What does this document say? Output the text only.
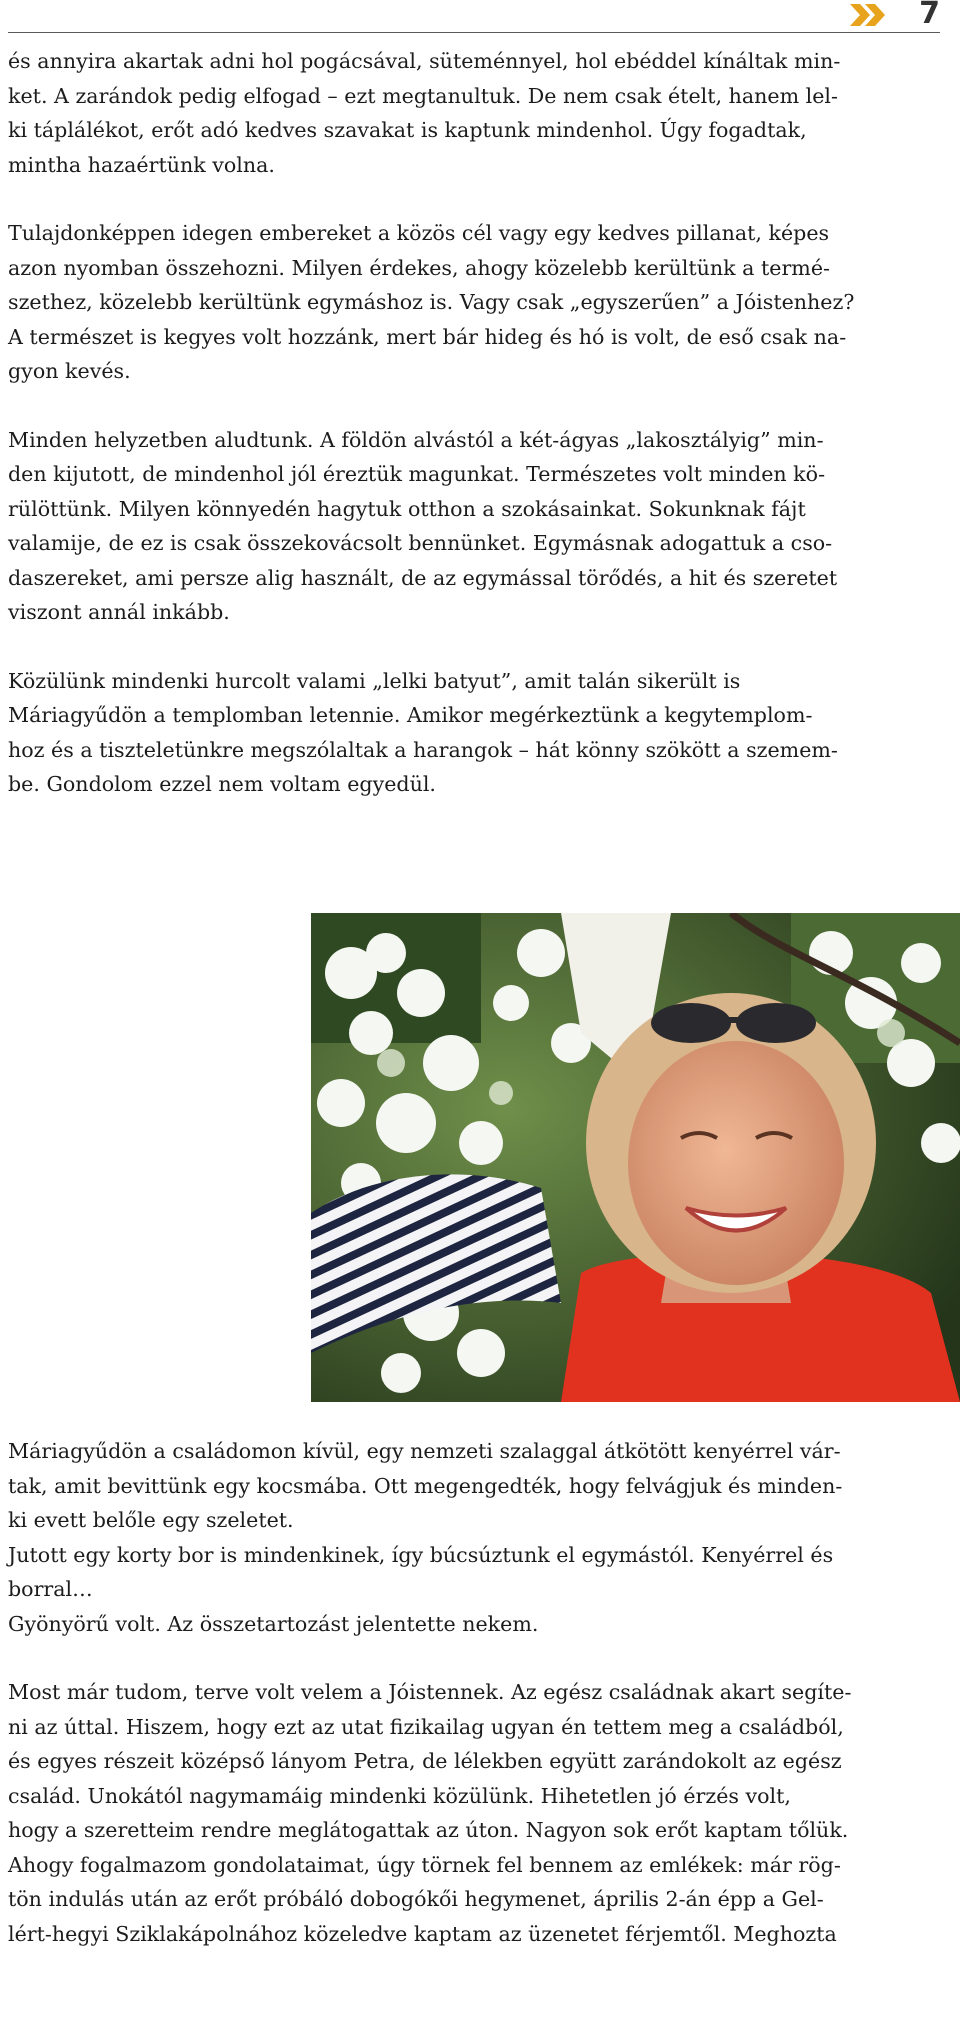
7

és annyira akartak adni hol pogácsával, süteménnyel, hol ebéddel kínáltak min-
ket. A zarándok pedig elfogad – ezt megtanultuk. De nem csak ételt, hanem lel-
ki táplálékot, erőt adó kedves szavakat is kaptunk mindenhol. Úgy fogadtak,
mintha hazaértünk volna.

Tulajdonképpen idegen embereket a közös cél vagy egy kedves pillanat, képes
azon nyomban összehozni. Milyen érdekes, ahogy közelebb kerültünk a termé-
szethez, közelebb kerültünk egymáshoz is. Vagy csak „egyszerűen” a Jóistenhez?
A természet is kegyes volt hozzánk, mert bár hideg és hó is volt, de eső csak na-
gyon kevés.

Minden helyzetben aludtunk. A földön alvástól a két-ágyas „lakosztályig” min-
den kijutott, de mindenhol jól éreztük magunkat. Természetes volt minden kö-
rülöttünk. Milyen könnyedén hagytuk otthon a szokásainkat. Sokunknak fájt
valamije, de ez is csak összekovácsolt bennünket. Egymásnak adogattuk a cso-
daszereket, ami persze alig használt, de az egymással törődés, a hit és szeretet
viszont annál inkább.

Közülünk mindenki hurcolt valami „lelki batyut”, amit talán sikerült is
Máriagyűdön a templomban letennie. Amikor megérkeztünk a kegytemplom-
hoz és a tiszteletünkre megszólaltak a harangok – hát könny szökött a szemem-
be. Gondolom ezzel nem voltam egyedül.

Máriagyűdön a családomon kívül, egy nemzeti szalaggal átkötött kenyérrel vár-
tak, amit bevittünk egy kocsmába. Ott megengedték, hogy felvágjuk és minden-
ki evett belőle egy szeletet.

Jutott egy korty bor is mindenkinek, így búcsúztunk el egymástól. Kenyérrel és
borral…

Gyönyörű volt. Az összetartozást jelentette nekem.

Most már tudom, terve volt velem a Jóistennek. Az egész családnak akart segíte-
ni az úttal. Hiszem, hogy ezt az utat fizikailag ugyan én tettem meg a családból,
és egyes részeit középső lányom Petra, de lélekben együtt zarándokolt az egész
család. Unokától nagymamáig mindenki közülünk. Hihetetlen jó érzés volt,
hogy a szeretteim rendre meglátogattak az úton. Nagyon sok erőt kaptam tőlük.
Ahogy fogalmazom gondolataimat, úgy törnek fel bennem az emlékek: már rög-
tön indulás után az erőt próbáló dobogókői hegymenet, április 2-án épp a Gel-
lért-hegyi Sziklakápolnához közeledve kaptam az üzenetet férjemtől. Meghozta
